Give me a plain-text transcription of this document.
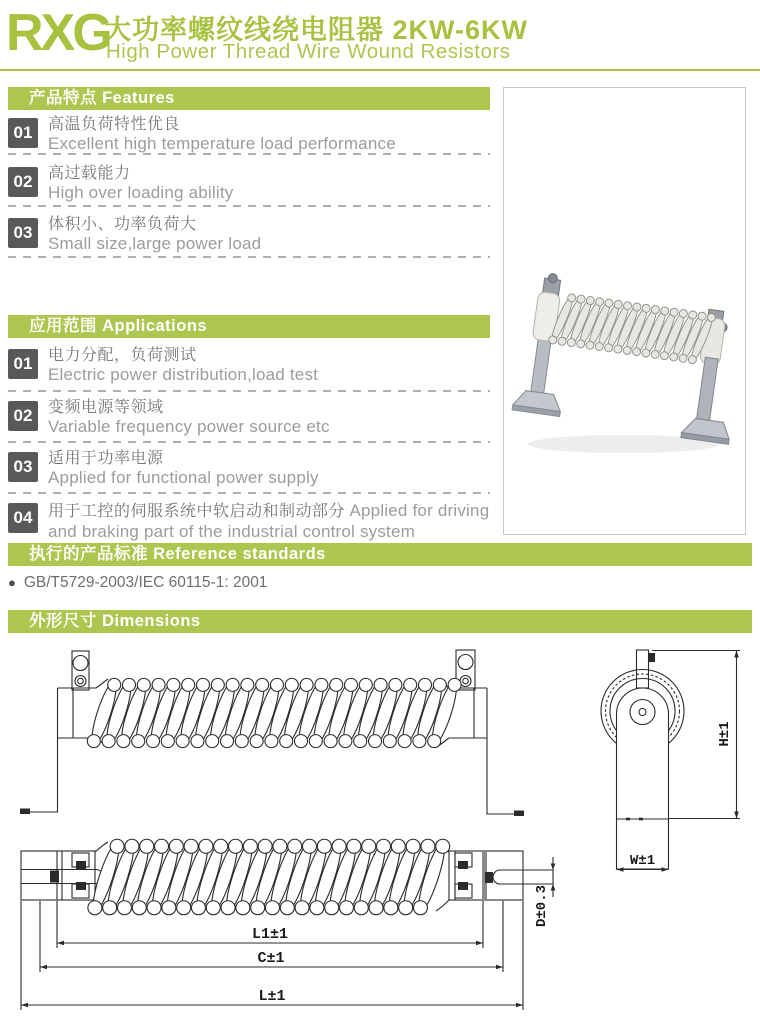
RXG
大功率螺纹线绕电阻器 2KW-6KW
High Power Thread Wire Wound Resistors
产品特点 Features
01 高温负荷特性优良
Excellent high temperature load performance
02 高过载能力
High over loading ability
03 体积小、功率负荷大
Small size,large power load
应用范围 Applications
01 电力分配，负荷测试
Electric power distribution,load test
02 变频电源等领域
Variable frequency power source etc
03 适用于功率电源
Applied for functional power supply
04 用于工控的伺服系统中软启动和制动部分 Applied for driving and braking part of the industrial control system
执行的产品标准 Reference standards
● GB/T5729-2003/IEC 60115-1: 2001
外形尺寸 Dimensions
H±1
W±1
D±0.3
L1±1
C±1
L±1
